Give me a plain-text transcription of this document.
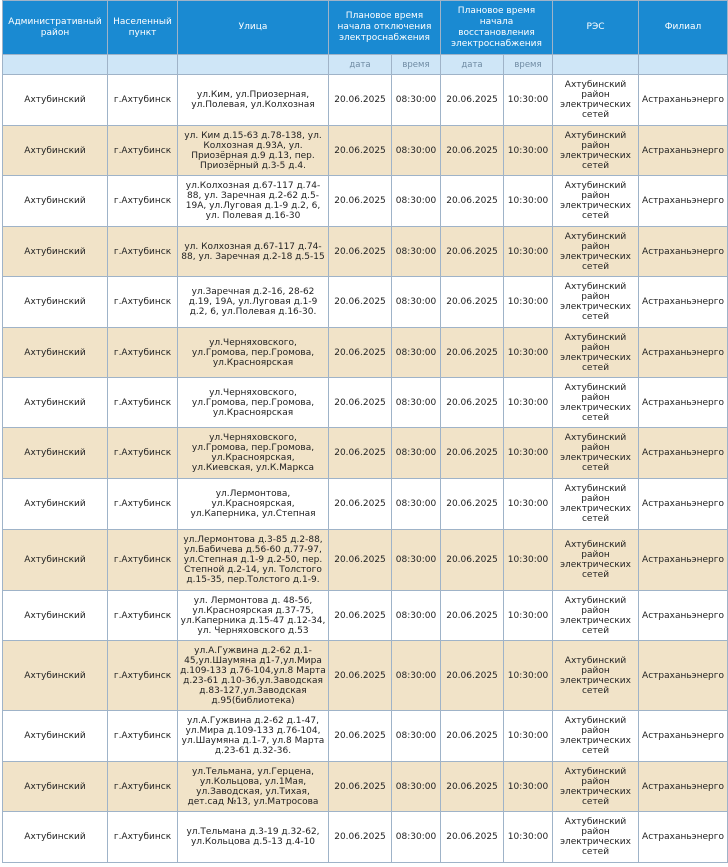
Административный район	Населенный пункт	Улица	Плановое время начала отключения электроснабжения		Плановое время начала восстановления электроснабжения		РЭС	Филиал
			дата	время	дата	время		
Ахтубинский	г.Ахтубинск	ул.Ким, ул.Приозерная, ул.Полевая, ул.Колхозная	20.06.2025	08:30:00	20.06.2025	10:30:00	Ахтубинский район электрических сетей	Астраханьэнерго
Ахтубинский	г.Ахтубинск	ул. Ким д.15-63 д.78-138, ул. Колхозная д.93А, ул. Приозёрная д.9 д.13, пер. Приозёрный д.3-5 д.4.	20.06.2025	08:30:00	20.06.2025	10:30:00	Ахтубинский район электрических сетей	Астраханьэнерго
Ахтубинский	г.Ахтубинск	ул.Колхозная д.67-117 д.74-88, ул. Заречная д.2-62 д.5-19А, ул.Луговая д.1-9 д.2, 6, ул. Полевая д.16-30	20.06.2025	08:30:00	20.06.2025	10:30:00	Ахтубинский район электрических сетей	Астраханьэнерго
Ахтубинский	г.Ахтубинск	ул. Колхозная д.67-117 д.74-88, ул. Заречная д.2-18 д.5-15	20.06.2025	08:30:00	20.06.2025	10:30:00	Ахтубинский район электрических сетей	Астраханьэнерго
Ахтубинский	г.Ахтубинск	ул.Заречная д.2-16, 28-62 д.19, 19А, ул.Луговая д.1-9 д.2, 6, ул.Полевая д.16-30.	20.06.2025	08:30:00	20.06.2025	10:30:00	Ахтубинский район электрических сетей	Астраханьэнерго
Ахтубинский	г.Ахтубинск	ул.Черняховского, ул.Громова, пер.Громова, ул.Красноярская	20.06.2025	08:30:00	20.06.2025	10:30:00	Ахтубинский район электрических сетей	Астраханьэнерго
Ахтубинский	г.Ахтубинск	ул.Черняховского, ул.Громова, пер.Громова, ул.Красноярская	20.06.2025	08:30:00	20.06.2025	10:30:00	Ахтубинский район электрических сетей	Астраханьэнерго
Ахтубинский	г.Ахтубинск	ул.Черняховского, ул.Громова, пер.Громова, ул.Красноярская, ул.Киевская, ул.К.Маркса	20.06.2025	08:30:00	20.06.2025	10:30:00	Ахтубинский район электрических сетей	Астраханьэнерго
Ахтубинский	г.Ахтубинск	ул.Лермонтова, ул.Красноярская, ул.Каперника, ул.Степная	20.06.2025	08:30:00	20.06.2025	10:30:00	Ахтубинский район электрических сетей	Астраханьэнерго
Ахтубинский	г.Ахтубинск	ул.Лермонтова д.3-85 д.2-88, ул.Бабичева д.56-60 д.77-97, ул.Степная д.1-9 д.2-50, пер. Степной д.2-14, ул. Толстого д.15-35, пер.Толстого д.1-9.	20.06.2025	08:30:00	20.06.2025	10:30:00	Ахтубинский район электрических сетей	Астраханьэнерго
Ахтубинский	г.Ахтубинск	ул. Лермонтова д. 48-56, ул.Красноярская д.37-75, ул.Каперника д.15-47 д.12-34, ул. Черняховского д.53	20.06.2025	08:30:00	20.06.2025	10:30:00	Ахтубинский район электрических сетей	Астраханьэнерго
Ахтубинский	г.Ахтубинск	ул.А.Гужвина д.2-62 д.1-45,ул.Шаумяна д1-7,ул.Мира д.109-133 д.76-104,ул.8 Марта д.23-61 д.10-36,ул.Заводская д.83-127,ул.Заводская д.95(библиотека)	20.06.2025	08:30:00	20.06.2025	10:30:00	Ахтубинский район электрических сетей	Астраханьэнерго
Ахтубинский	г.Ахтубинск	ул.А.Гужвина д.2-62 д.1-47, ул.Мира д.109-133 д.76-104, ул.Шаумяна д.1-7, ул.8 Марта д.23-61 д.32-36.	20.06.2025	08:30:00	20.06.2025	10:30:00	Ахтубинский район электрических сетей	Астраханьэнерго
Ахтубинский	г.Ахтубинск	ул.Тельмана, ул.Герцена, ул.Кольцова, ул.1Мая, ул.Заводская, ул.Тихая, дет.сад №13, ул.Матросова	20.06.2025	08:30:00	20.06.2025	10:30:00	Ахтубинский район электрических сетей	Астраханьэнерго
Ахтубинский	г.Ахтубинск	ул.Тельмана д.3-19 д.32-62, ул.Кольцова д.5-13 д.4-10	20.06.2025	08:30:00	20.06.2025	10:30:00	Ахтубинский район электрических сетей	Астраханьэнерго
